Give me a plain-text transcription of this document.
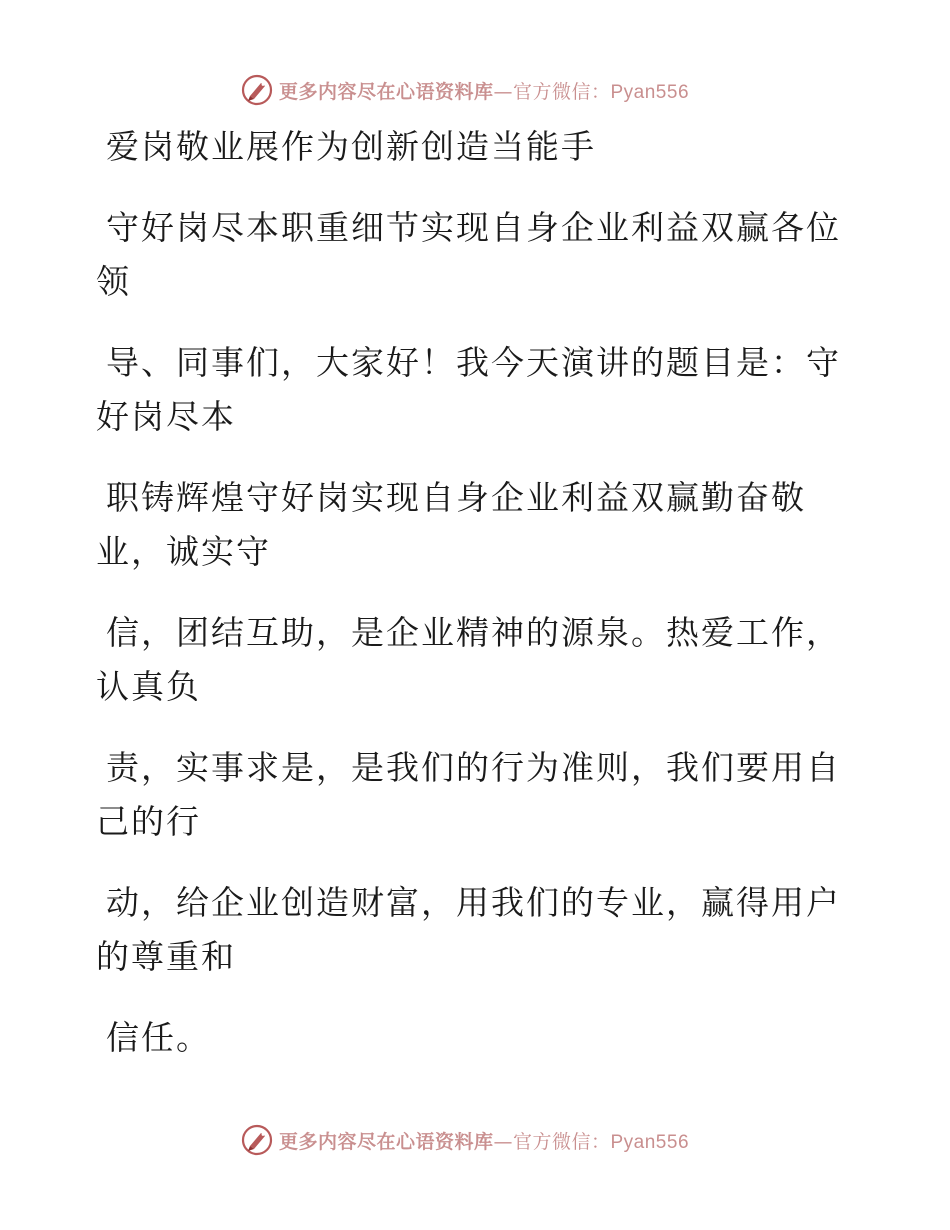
更多内容尽在心语资料库—官方微信：Pyan556

爱岗敬业展作为创新创造当能手

守好岗尽本职重细节实现自身企业利益双赢各位

领

导、同事们，大家好！我今天演讲的题目是：守

好岗尽本

职铸辉煌守好岗实现自身企业利益双赢勤奋敬

业，诚实守

信，团结互助，是企业精神的源泉。热爱工作，

认真负

责，实事求是，是我们的行为准则，我们要用自

己的行

动，给企业创造财富，用我们的专业，赢得用户

的尊重和

信任。

更多内容尽在心语资料库—官方微信：Pyan556
